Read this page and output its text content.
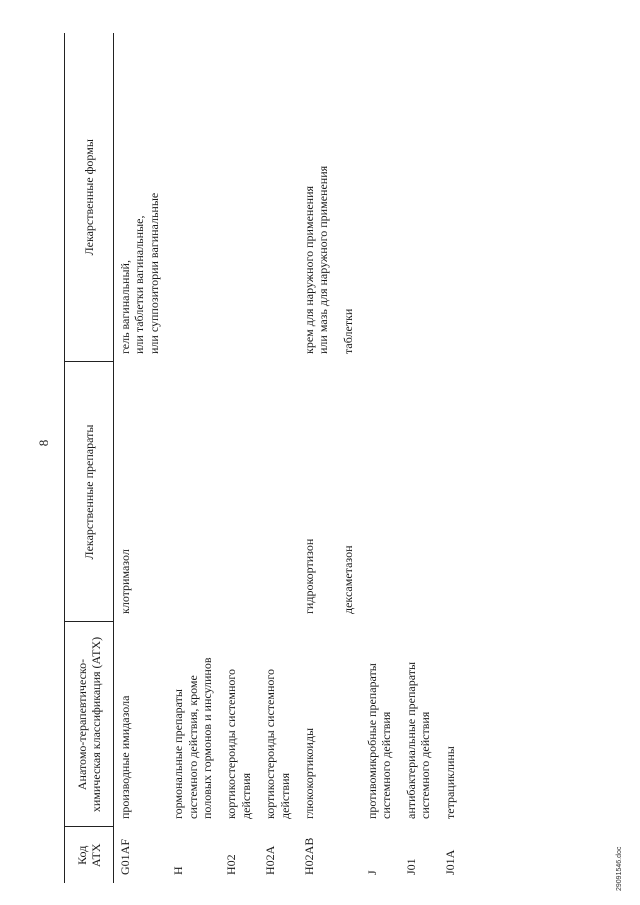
8
Код АТХ	Анатомо-терапевтическо-химическая классификация (АТХ)	Лекарственные препараты	Лекарственные формы
G01AF	производные имидазола	клотримазол	гель вагинальный, или таблетки вагинальные, или суппозитории вагинальные

H	гормональные препараты системного действия, кроме половых гормонов и инсулинов		
H02	кортикостероиды системного действия		
H02A	кортикостероиды системного действия		
H02AB	глюкокортикоиды	гидрокортизон	крем для наружного применения или мазь для наружного применения

		дексаметазон	таблетки

J	противомикробные препараты системного действия		
J01	антибактериальные препараты системного действия		
J01A	тетрациклины		
29091546.doc
